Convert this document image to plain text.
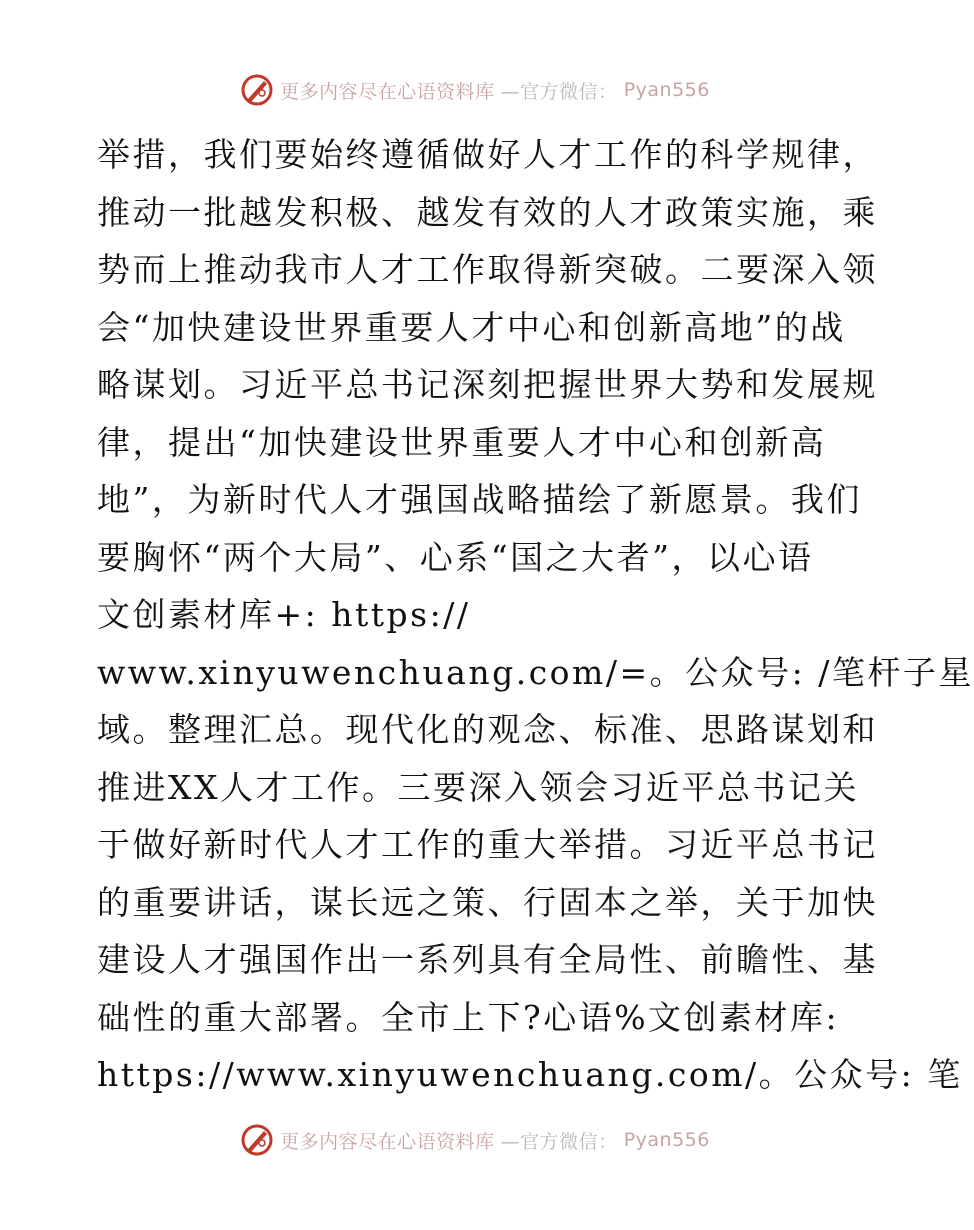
更多内容尽在心语资料库 —官方微信： Pyan556
举措，我们要始终遵循做好人才工作的科学规律，
推动一批越发积极、越发有效的人才政策实施，乘
势而上推动我市人才工作取得新突破。二要深入领
会“加快建设世界重要人才中心和创新高地”的战
略谋划。习近平总书记深刻把握世界大势和发展规
律，提出“加快建设世界重要人才中心和创新高
地”，为新时代人才强国战略描绘了新愿景。我们
要胸怀“两个大局”、心系“国之大者”，以心语
文创素材库+: https://
www.xinyuwenchuang.com/=。公众号: /笔杆子星
域。整理汇总。现代化的观念、标准、思路谋划和
推进XX人才工作。三要深入领会习近平总书记关
于做好新时代人才工作的重大举措。习近平总书记
的重要讲话，谋长远之策、行固本之举，关于加快
建设人才强国作出一系列具有全局性、前瞻性、基
础性的重大部署。全市上下?心语%文创素材库:
https://www.xinyuwenchuang.com/。公众号: 笔
更多内容尽在心语资料库 —官方微信： Pyan556
